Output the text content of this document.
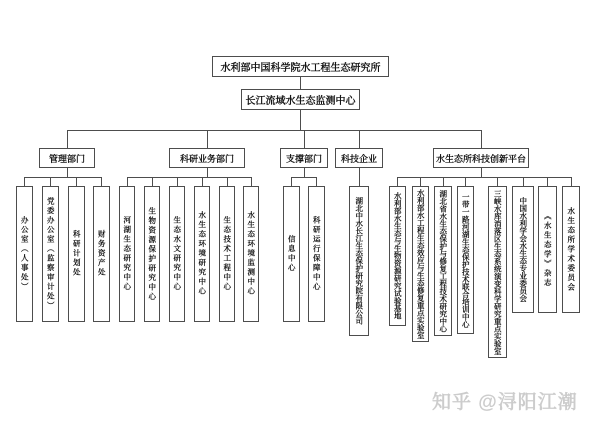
水利部中国科学院水工程生态研究所
长江流域水生态监测中心
管理部门	科研业务部门	支撑部门	科技企业	水生态所科技创新平台
办公室（人事处）	党委办公室（监察审计处）	科研计划处	财务资产处	河湖生态研究中心	生物资源保护研究中心	生态水文研究中心	水生态环境研究中心	生态技术工程中心	水生态环境监测中心	信息中心	科研运行保障中心	湖北中水长江生态保护研究院有限公司	水利部水生态与生物资源研究试验基地	水利部水工程生态效应与生态修复重点实验室	湖北省水生态保护与修复工程技术研究中心	一带一路河湖生态保护技术联合培训中心	三峡水库消落区生态系统演变科学研究重点实验室	中国水利学会水生态专业委员会	《水生态学》杂志	水生态所学术委员会
知乎 @浔阳江潮
